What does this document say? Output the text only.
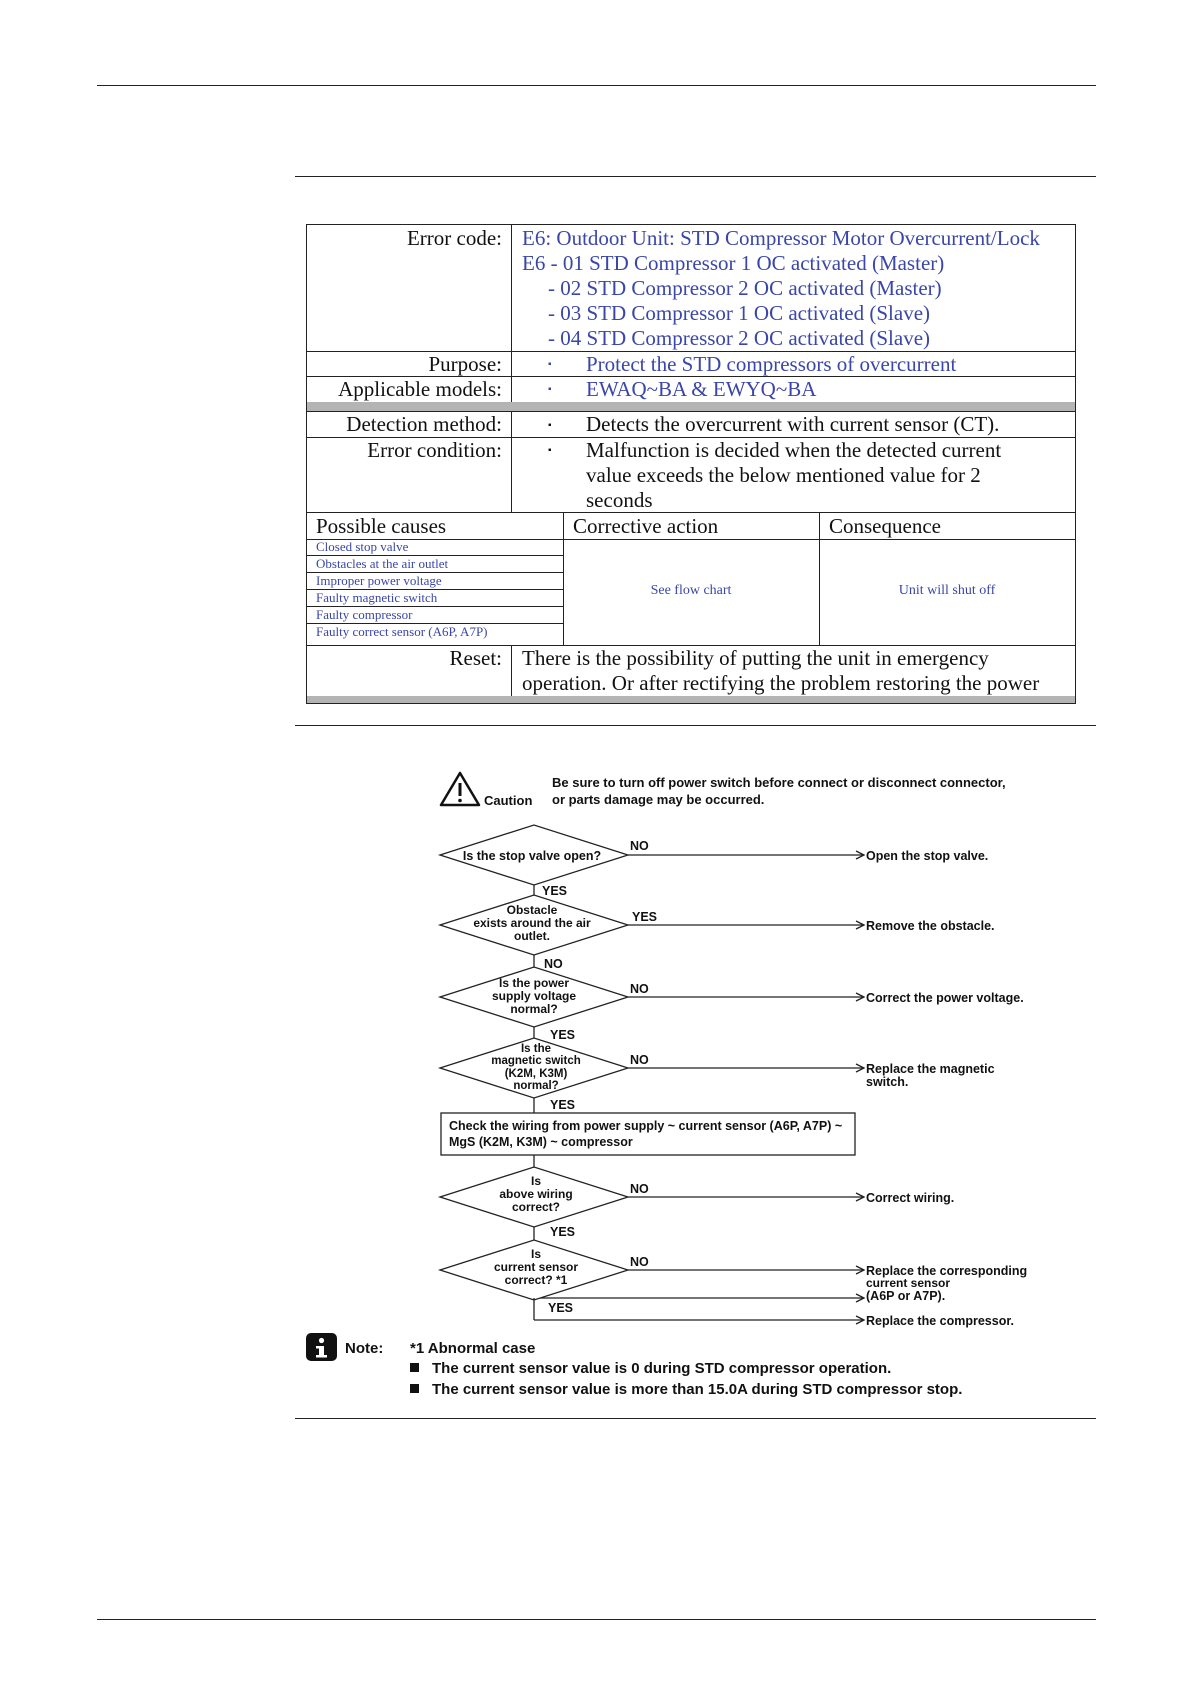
Error code: E6: Outdoor Unit: STD Compressor Motor Overcurrent/Lock
E6 - 01 STD Compressor 1 OC activated (Master)
- 02 STD Compressor 2 OC activated (Master)
- 03 STD Compressor 1 OC activated (Slave)
- 04 STD Compressor 2 OC activated (Slave)
Purpose:	▪ Protect the STD compressors of overcurrent
Applicable models:	▪ EWAQ~BA & EWYQ~BA
Detection method:	▪ Detects the overcurrent with current sensor (CT).
Error condition:	▪ Malfunction is decided when the detected current
value exceeds the below mentioned value for 2
seconds
Possible causes	Corrective action	Consequence
Closed stop valve
Obstacles at the air outlet
Improper power voltage
Faulty magnetic switch
Faulty compressor
Faulty correct sensor (A6P, A7P)
See flow chart	Unit will shut off
Reset: There is the possibility of putting the unit in emergency
operation. Or after rectifying the problem restoring the power
Caution
Be sure to turn off power switch before connect or disconnect connector,
or parts damage may be occurred.
Is the stop valve open?
NO
Open the stop valve.
YES
Obstacle
exists around the air
outlet.
YES
Remove the obstacle.
NO
Is the power
supply voltage
normal?
NO
Correct the power voltage.
YES
Is the
magnetic switch
(K2M, K3M)
normal?
NO
Replace the magnetic
switch.
YES
Check the wiring from power supply ~ current sensor (A6P, A7P) ~
MgS (K2M, K3M) ~ compressor
Is
above wiring
correct?
NO
Correct wiring.
YES
Is
current sensor
correct? *1
NO
Replace the corresponding
current sensor
(A6P or A7P).
YES
Replace the compressor.
Note: *1 Abnormal case
The current sensor value is 0 during STD compressor operation.
The current sensor value is more than 15.0A during STD compressor stop.
